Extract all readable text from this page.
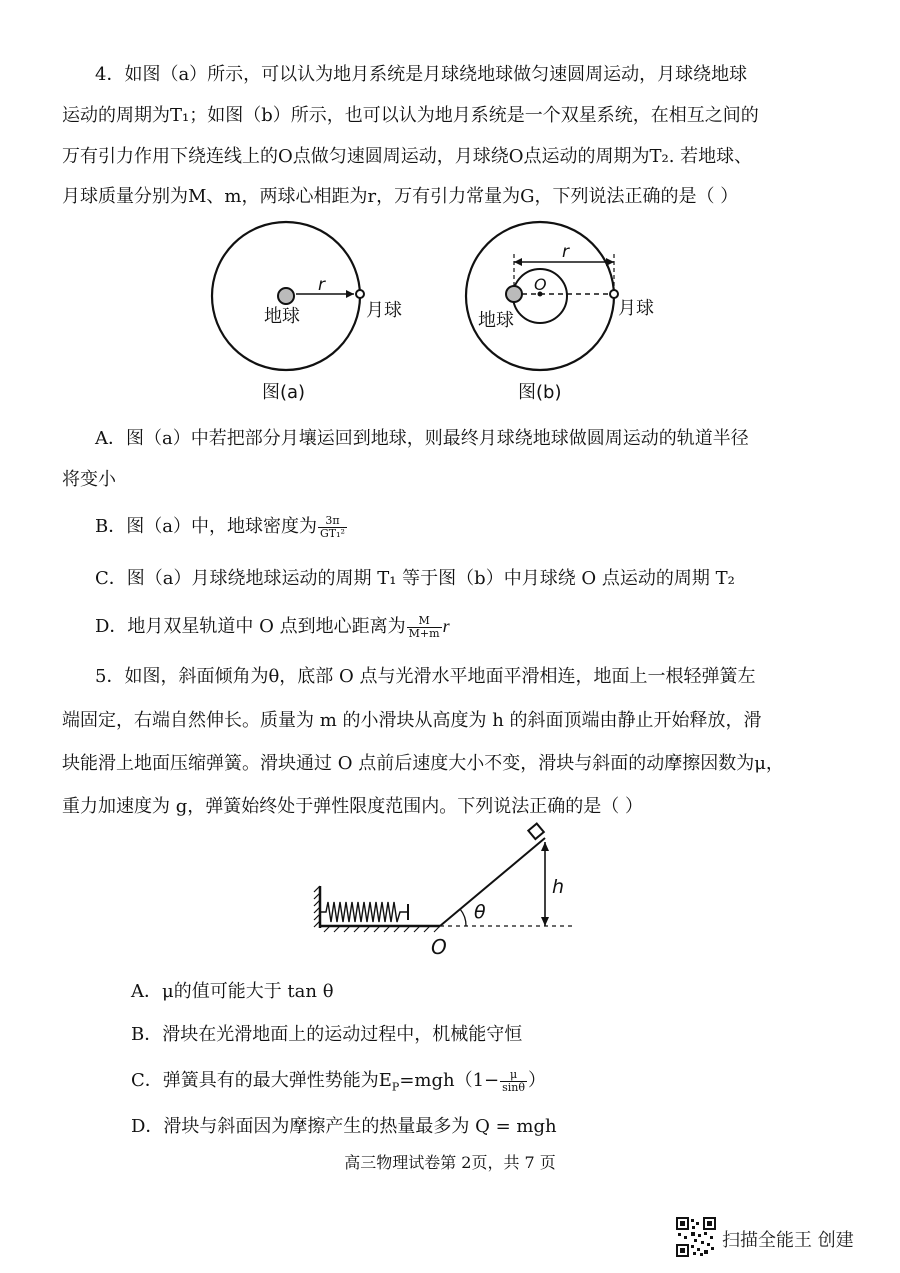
4．如图（a）所示，可以认为地月系统是月球绕地球做匀速圆周运动，月球绕地球
运动的周期为T₁；如图（b）所示，也可以认为地月系统是一个双星系统，在相互之间的
万有引力作用下绕连线上的O点做匀速圆周运动，月球绕O点运动的周期为T₂. 若地球、
月球质量分别为M、m，两球心相距为r，万有引力常量为G，下列说法正确的是（ ）
r
地球	月球
图(a)
r
O
地球
月球
图(b)
A．图（a）中若把部分月壤运回到地球，则最终月球绕地球做圆周运动的轨道半径
将变小
B．图（a）中，地球密度为 $\frac{3\pi}{\text{GT₁²}}$
C．图（a）月球绕地球运动的周期 T₁ 等于图（b）中月球绕 O 点运动的周期 T₂
D．地月双星轨道中 O 点到地心距离为 $\frac{M}{M+m}$ r
5．如图，斜面倾角为θ，底部 O 点与光滑水平地面平滑相连，地面上一根轻弹簧左
端固定，右端自然伸长。质量为 m 的小滑块从高度为 h 的斜面顶端由静止开始释放，滑
块能滑上地面压缩弹簧。滑块通过 O 点前后速度大小不变，滑块与斜面的动摩擦因数为μ，
重力加速度为 g，弹簧始终处于弹性限度范围内。下列说法正确的是（ ）
h
θ
O
A．μ的值可能大于 tan θ
B．滑块在光滑地面上的运动过程中，机械能守恒
C．弹簧具有的最大弹性势能为$E_P=mgh(1- \frac{\mu}{\sin\theta}$ ）
D．滑块与斜面因为摩擦产生的热量最多为 Q = mgh
高三物理试卷第 2页，共 7 页
扫描全能王 创建
